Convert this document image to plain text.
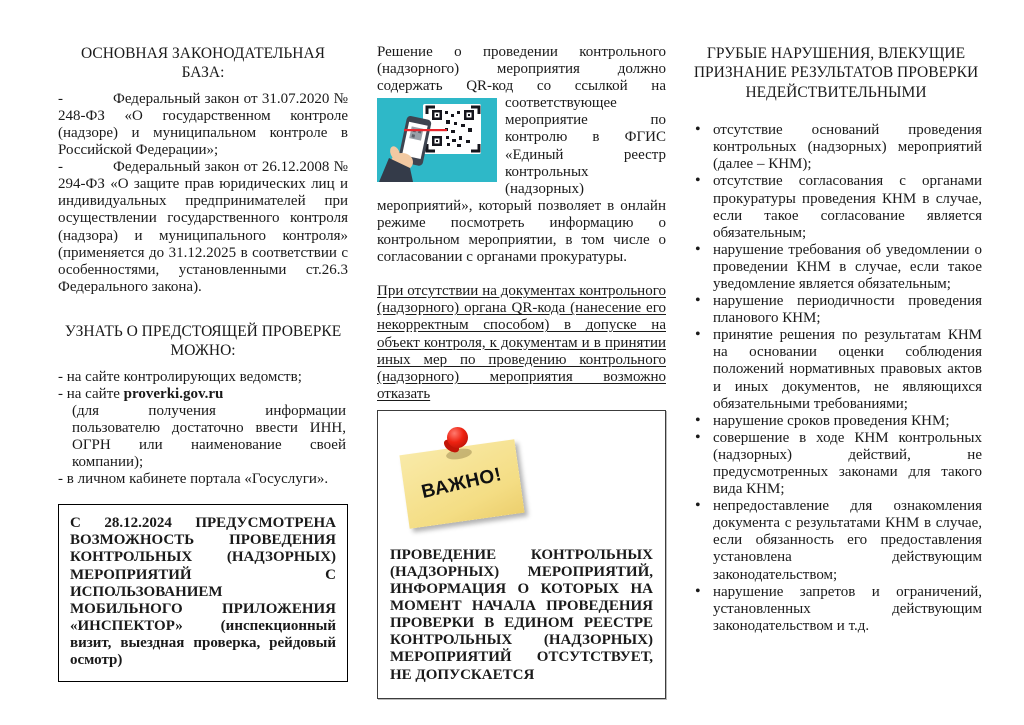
ОСНОВНАЯ ЗАКОНОДАТЕЛЬНАЯ БАЗА:

-	Федеральный закон от 31.07.2020 № 248-ФЗ «О государственном контроле (надзоре) и муниципальном контроле в Российской Федерации»;

-	Федеральный закон от 26.12.2008 № 294-ФЗ «О защите прав юридических лиц и индивидуальных предпринимателей при осуществлении государственного контроля (надзора) и муниципального контроля» (применяется до 31.12.2025 в соответствии с особенностями, установленными ст.26.3 Федерального закона).

УЗНАТЬ О ПРЕДСТОЯЩЕЙ ПРОВЕРКЕ МОЖНО:

- на сайте контролирующих ведомств;

- на сайте proverki.gov.ru

(для получения информации пользователю достаточно ввести ИНН, ОГРН или наименование своей компании);

- в личном кабинете портала «Госуслуги».

С 28.12.2024 ПРЕДУСМОТРЕНА ВОЗМОЖНОСТЬ ПРОВЕДЕНИЯ КОНТРОЛЬНЫХ (НАДЗОРНЫХ) МЕРОПРИЯТИЙ С ИСПОЛЬЗОВАНИЕМ МОБИЛЬНОГО ПРИЛОЖЕНИЯ «ИНСПЕКТОР» (инспекционный визит, выездная проверка, рейдовый осмотр)

Решение о проведении контрольного (надзорного) мероприятия должно содержать QR-код со ссылкой на
соответствующее мероприятие по контролю в ФГИС «Единый реестр контрольных (надзорных) мероприятий», который позволяет в онлайн режиме посмотреть информацию о контрольном мероприятии, в том числе о согласовании с органами прокуратуры.

При отсутствии на документах контрольного (надзорного) органа QR-кода (нанесение его некорректным способом) в допуске на объект контроля, к документам и в принятии иных мер по проведению контрольного (надзорного) мероприятия возможно отказать

ВАЖНО!

ПРОВЕДЕНИЕ КОНТРОЛЬНЫХ (НАДЗОРНЫХ) МЕРОПРИЯТИЙ, ИНФОРМАЦИЯ О КОТОРЫХ НА МОМЕНТ НАЧАЛА ПРОВЕДЕНИЯ ПРОВЕРКИ В ЕДИНОМ РЕЕСТРЕ КОНТРОЛЬНЫХ (НАДЗОРНЫХ) МЕРОПРИЯТИЙ ОТСУТСТВУЕТ, НЕ ДОПУСКАЕТСЯ

ГРУБЫЕ НАРУШЕНИЯ, ВЛЕКУЩИЕ ПРИЗНАНИЕ РЕЗУЛЬТАТОВ ПРОВЕРКИ НЕДЕЙСТВИТЕЛЬНЫМИ
• отсутствие оснований проведения контрольных (надзорных) мероприятий (далее – КНМ);
• отсутствие согласования с органами прокуратуры проведения КНМ в случае, если такое согласование является обязательным;
• нарушение требования об уведомлении о проведении КНМ в случае, если такое уведомление является обязательным;
• нарушение периодичности проведения планового КНМ;
• принятие решения по результатам КНМ на основании оценки соблюдения положений нормативных правовых актов и иных документов, не являющихся обязательными требованиями;
• нарушение сроков проведения КНМ;
• совершение в ходе КНМ контрольных (надзорных) действий, не предусмотренных законами для такого вида КНМ;
• непредоставление для ознакомления документа с результатами КНМ в случае, если обязанность его предоставления установлена действующим законодательством;
• нарушение запретов и ограничений, установленных действующим законодательством и т.д.
